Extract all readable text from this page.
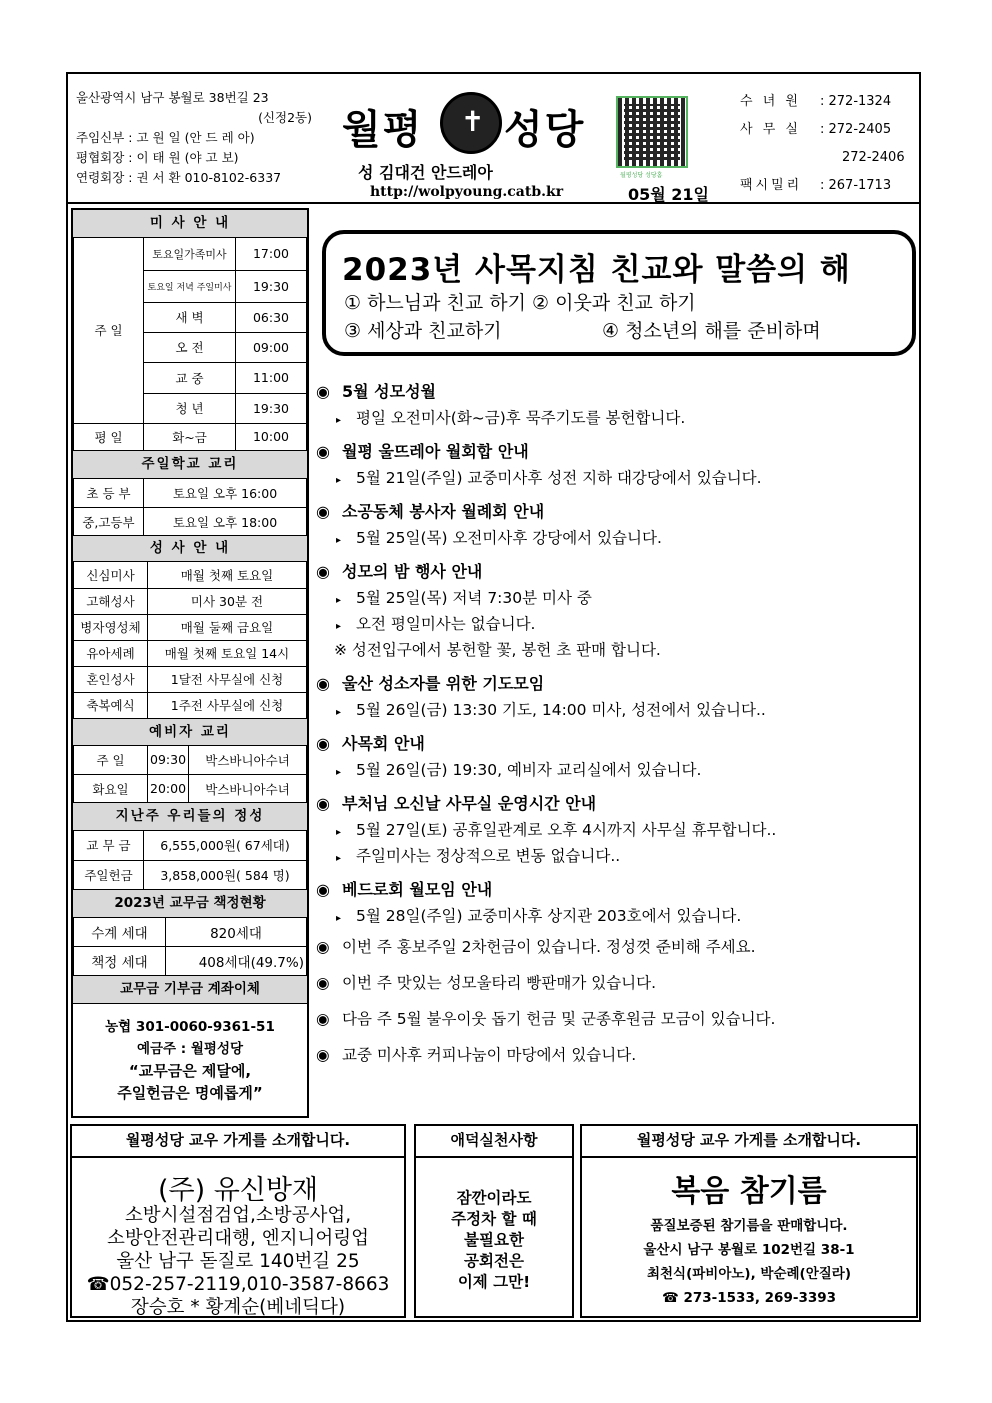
울산광역시 남구 봉월로 38번길 23
(신정2동)
주임신부 : 고 원 일 (안 드 레 아)
평협회장 : 이 태 원 (야 고 보)
연령회장 : 권 서 환 010-8102-6337
월평 성당
✝
성 김대건 안드레아
http://wolpyoung.catb.kr
월평성당 성당홈
05월 21일
수 녀 원	: 272-1324
사 무 실	: 272-2405
272-2406
팩시밀리	: 267-1713
미 사 안 내
주 일	토요일가족미사	17:00
	토요일 저녁 주일미사	19:30
	새 벽	06:30
	오 전	09:00
	교 중	11:00
	청 년	19:30
평 일	화~금	10:00
주일학교 교리
초 등 부	토요일 오후 16:00
중,고등부	토요일 오후 18:00
성 사 안 내
신심미사	매월 첫째 토요일
고해성사	미사 30분 전
병자영성체	매월 둘째 금요일
유아세례	매월 첫째 토요일 14시
혼인성사	1달전 사무실에 신청
축복예식	1주전 사무실에 신청
예비자 교리
주 일	09:30	박스바니아수녀
화요일	20:00	박스바니아수녀
지난주 우리들의 정성
교 무 금	6,555,000원( 67세대)
주일헌금	3,858,000원( 584 명)
2023년 교무금 책정현황
수계 세대	820세대
책정 세대	408세대(49.7%)
교무금 기부금 계좌이체
농협 301-0060-9361-51
예금주 : 월평성당
“교무금은 제달에,
주일헌금은 명예롭게”
2023년 사목지침 친교와 말씀의 해
① 하느님과 친교 하기 ② 이웃과 친교 하기
③ 세상과 친교하기	④ 청소년의 해를 준비하며
◉ 5월 성모성월
▸ 평일 오전미사(화~금)후 묵주기도를 봉헌합니다.
◉ 월평 울뜨레아 월회합 안내
▸ 5월 21일(주일) 교중미사후 성전 지하 대강당에서 있습니다.
◉ 소공동체 봉사자 월례회 안내
▸ 5월 25일(목) 오전미사후 강당에서 있습니다.
◉ 성모의 밤 행사 안내
▸ 5월 25일(목) 저녁 7:30분 미사 중
▸ 오전 평일미사는 없습니다.
※ 성전입구에서 봉헌할 꽃, 봉헌 초 판매 합니다.
◉ 울산 성소자를 위한 기도모임
▸ 5월 26일(금) 13:30 기도, 14:00 미사, 성전에서 있습니다..
◉ 사목회 안내
▸ 5월 26일(금) 19:30, 예비자 교리실에서 있습니다.
◉ 부처님 오신날 사무실 운영시간 안내
▸ 5월 27일(토) 공휴일관계로 오후 4시까지 사무실 휴무합니다..
▸ 주일미사는 정상적으로 변동 없습니다..
◉ 베드로회 월모임 안내
▸ 5월 28일(주일) 교중미사후 상지관 203호에서 있습니다.
◉ 이번 주 홍보주일 2차헌금이 있습니다. 정성껏 준비해 주세요.
◉ 이번 주 맛있는 성모울타리 빵판매가 있습니다.
◉ 다음 주 5월 불우이웃 돕기 헌금 및 군종후원금 모금이 있습니다.
◉ 교중 미사후 커피나눔이 마당에서 있습니다.
월평성당 교우 가게를 소개합니다.
(주) 유신방재
소방시설점검업,소방공사업,
소방안전관리대행, 엔지니어링업
울산 남구 돋질로 140번길 25
☎052-257-2119,010-3587-8663
장승호 * 황계순(베네딕다)
애덕실천사항
잠깐이라도
주정차 할 때
불필요한
공회전은
이제 그만!
월평성당 교우 가게를 소개합니다.
복음 참기름
품질보증된 참기름을 판매합니다.
울산시 남구 봉월로 102번길 38-1
최천식(파비아노), 박순례(안질라)
☎ 273-1533, 269-3393
